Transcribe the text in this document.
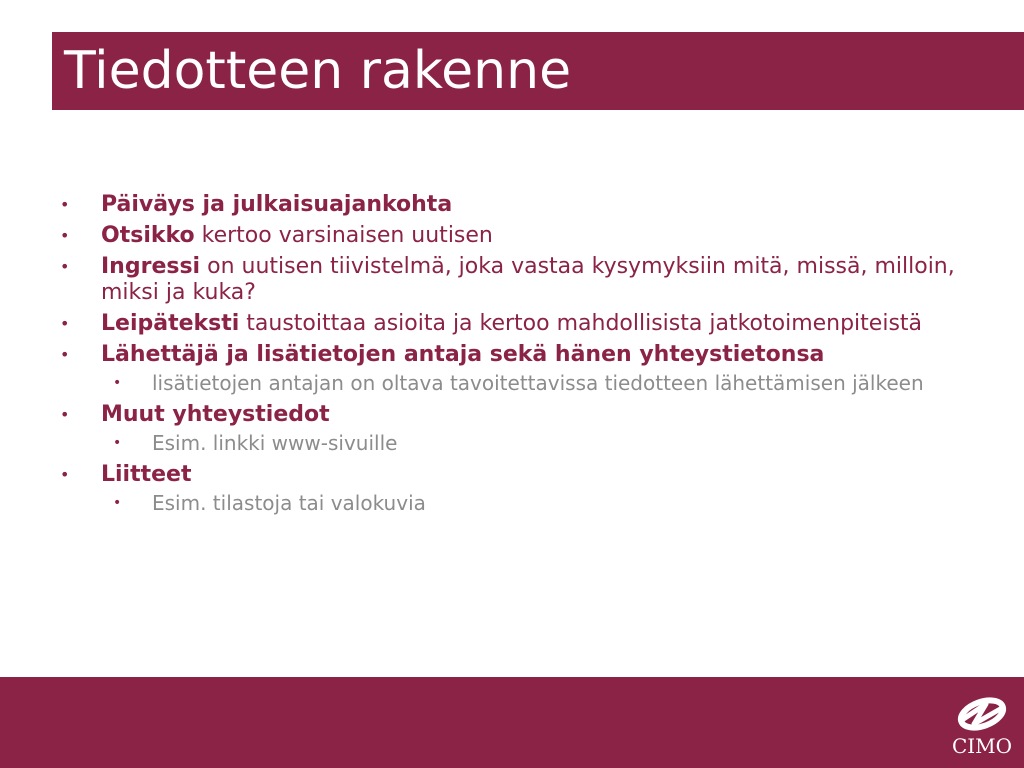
Tiedotteen rakenne
• Päiväys ja julkaisuajankohta
• Otsikko kertoo varsinaisen uutisen
• Ingressi on uutisen tiivistelmä, joka vastaa kysymyksiin mitä, missä, milloin, miksi ja kuka?
• Leipäteksti taustoittaa asioita ja kertoo mahdollisista jatkotoimenpiteistä
• Lähettäjä ja lisätietojen antaja sekä hänen yhteystietonsa
• lisätietojen antajan on oltava tavoitettavissa tiedotteen lähettämisen jälkeen
• Muut yhteystiedot
• Esim. linkki www-sivuille
• Liitteet
• Esim. tilastoja tai valokuvia
CIMO
